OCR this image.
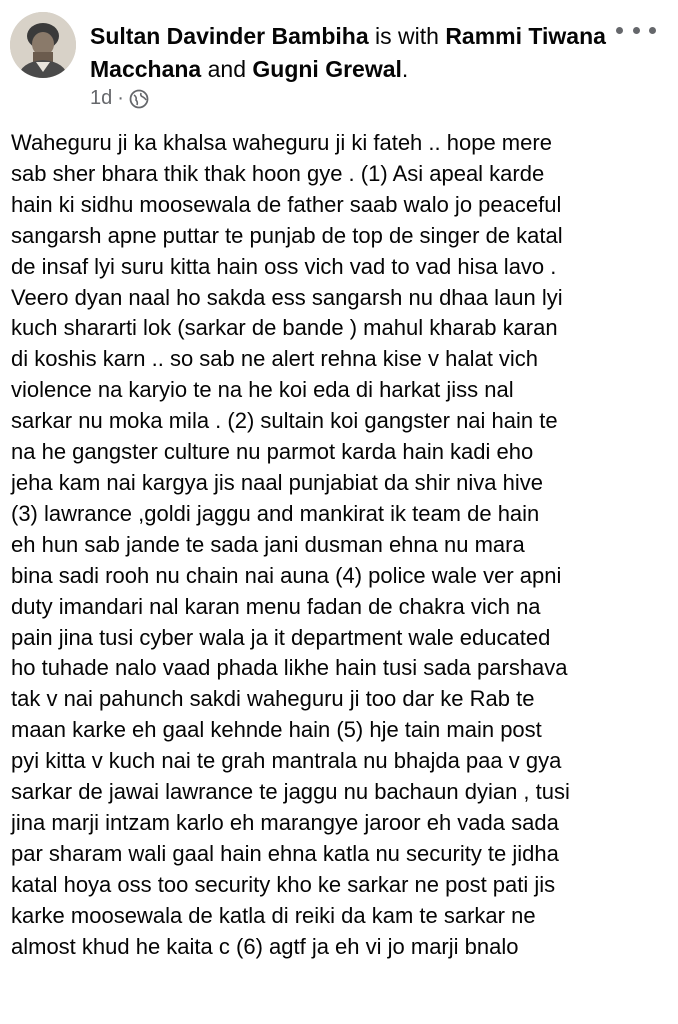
Sultan Davinder Bambiha is with Rammi Tiwana Macchana and Gugni Grewal.
1d ·
Waheguru ji ka khalsa waheguru ji ki fateh .. hope mere
sab sher bhara thik thak hoon gye . (1) Asi apeal karde
hain ki sidhu moosewala de father saab walo jo peaceful
sangarsh apne puttar te punjab de top de singer de katal
de insaf lyi suru kitta hain oss vich vad to vad hisa lavo .
Veero dyan naal ho sakda ess sangarsh nu dhaa laun lyi
kuch shararti lok (sarkar de bande ) mahul kharab karan
di koshis karn .. so sab ne alert rehna kise v halat vich
violence na karyio te na he koi eda di harkat jiss nal
sarkar nu moka mila . (2) sultain koi gangster nai hain te
na he gangster culture nu parmot karda hain kadi eho
jeha kam nai kargya jis naal punjabiat da shir niva hive
(3) lawrance ,goldi jaggu and mankirat ik team de hain
eh hun sab jande te sada jani dusman ehna nu mara
bina sadi rooh nu chain nai auna (4) police wale ver apni
duty imandari nal karan menu fadan de chakra vich na
pain jina tusi cyber wala ja it department wale educated
ho tuhade nalo vaad phada likhe hain tusi sada parshava
tak v nai pahunch sakdi waheguru ji too dar ke Rab te
maan karke eh gaal kehnde hain (5) hje tain main post
pyi kitta v kuch nai te grah mantrala nu bhajda paa v gya
sarkar de jawai lawrance te jaggu nu bachaun dyian , tusi
jina marji intzam karlo eh marangye jaroor eh vada sada
par sharam wali gaal hain ehna katla nu security te jidha
katal hoya oss too security kho ke sarkar ne post pati jis
karke moosewala de katla di reiki da kam te sarkar ne
almost khud he kaita c (6) agtf ja eh vi jo marji bnalo
